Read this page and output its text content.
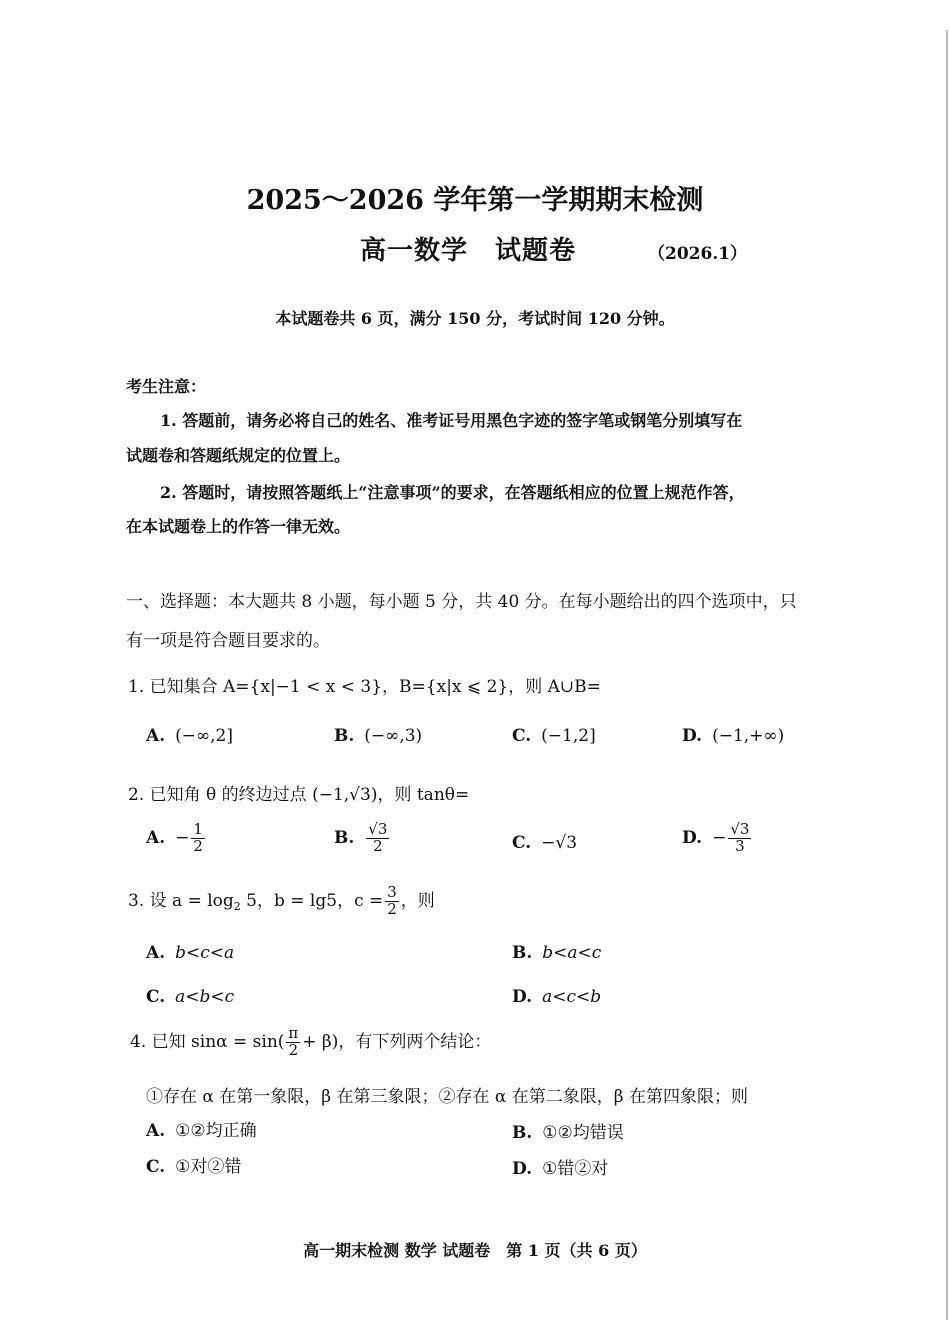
2025～2026 学年第一学期期末检测
高一数学　试题卷	（2026.1）
本试题卷共 6 页，满分 150 分，考试时间 120 分钟。
考生注意：
1. 答题前，请务必将自己的姓名、准考证号用黑色字迹的签字笔或钢笔分别填写在
试题卷和答题纸规定的位置上。
2. 答题时，请按照答题纸上“注意事项”的要求，在答题纸相应的位置上规范作答，
在本试题卷上的作答一律无效。
一、选择题：本大题共 8 小题，每小题 5 分，共 40 分。在每小题给出的四个选项中，只
有一项是符合题目要求的。
1. 已知集合 A={x|−1 < x < 3}，B={x|x ⩽ 2}，则 A∪B=
A. (−∞,2]	B. (−∞,3)	C. (−1,2]	D. (−1,+∞)
2. 已知角 θ 的终边过点 (−1,√3)，则 tanθ=
A. − $\frac{1}{2}$	B. $\frac{√3}{2}$	C. −√3	D. − $\frac{√3}{3}$
3. 设 $a = \log_2 5$，b = lg5，$c = \frac{3}{2}$ ，则
A. b<c<a	B. b<a<c
C. a<b<c	D. a<c<b
4. 已知 $\sin\alpha = \sin( \frac{\pi}{2} + \beta)$，有下列两个结论：
①存在 α 在第一象限，β 在第三象限；②存在 α 在第二象限，β 在第四象限；则
A. ①②均正确	B. ①②均错误
C. ①对②错	D. ①错②对
高一期末检测 数学 试题卷　第 1 页（共 6 页）
